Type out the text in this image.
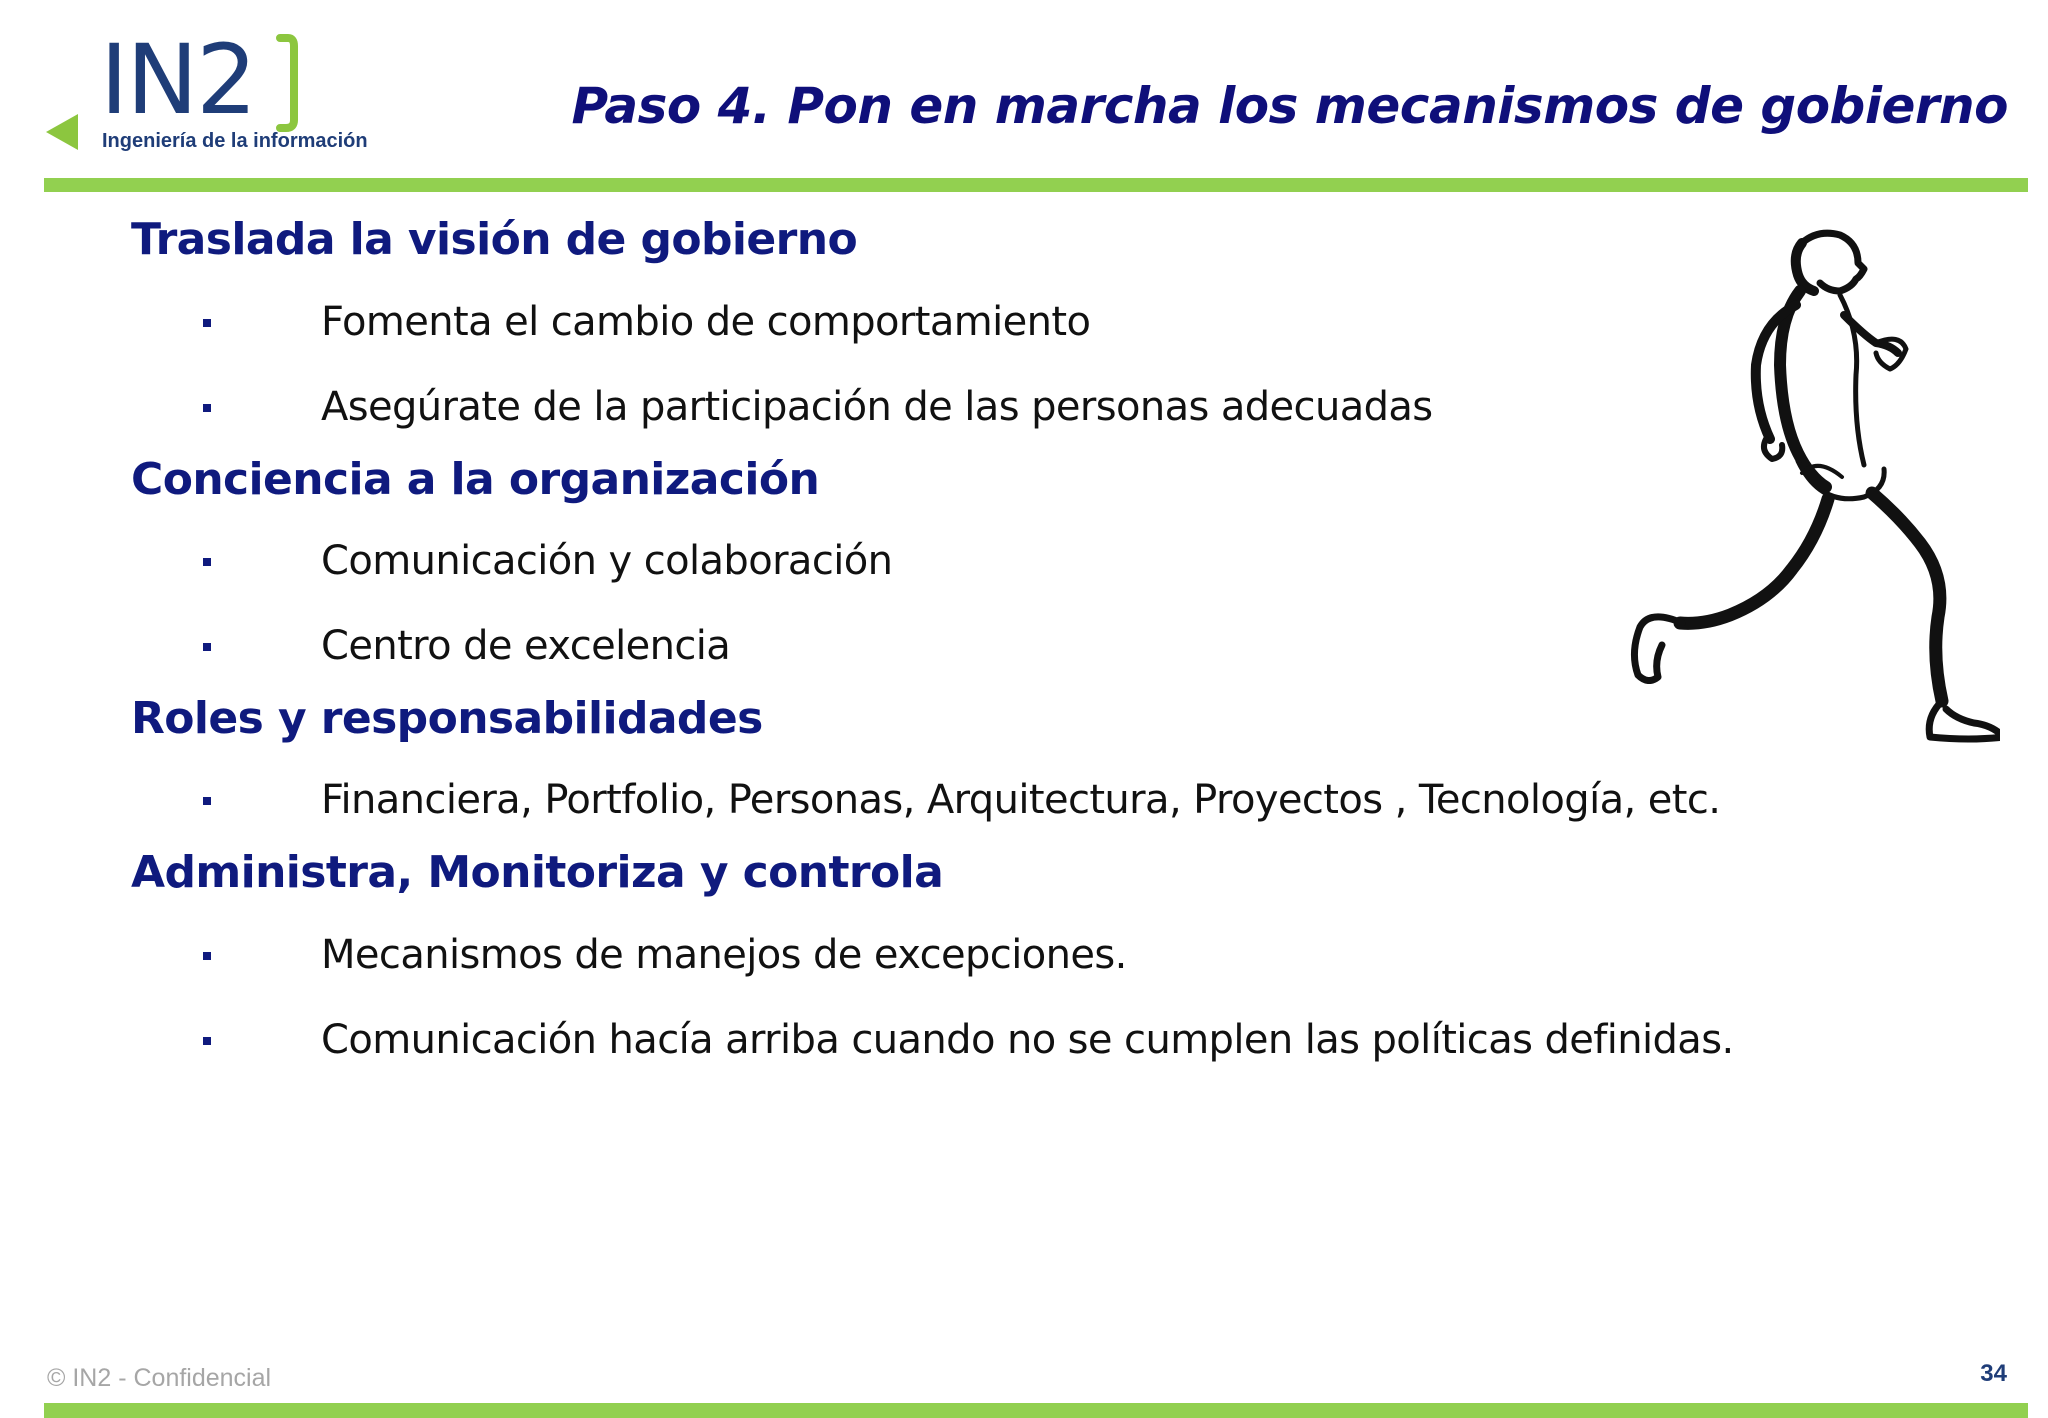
IN2
Ingeniería de la información
Paso 4. Pon en marcha los mecanismos de gobierno
Traslada la visión de gobierno
Fomenta el cambio de comportamiento
Asegúrate de la participación de las personas adecuadas
Conciencia a la organización
Comunicación y colaboración
Centro de excelencia
Roles y responsabilidades
Financiera, Portfolio, Personas, Arquitectura, Proyectos , Tecnología, etc.
Administra, Monitoriza y controla
Mecanismos de manejos de excepciones.
Comunicación hacía arriba cuando no se cumplen las políticas definidas.
© IN2 - Confidencial	34
